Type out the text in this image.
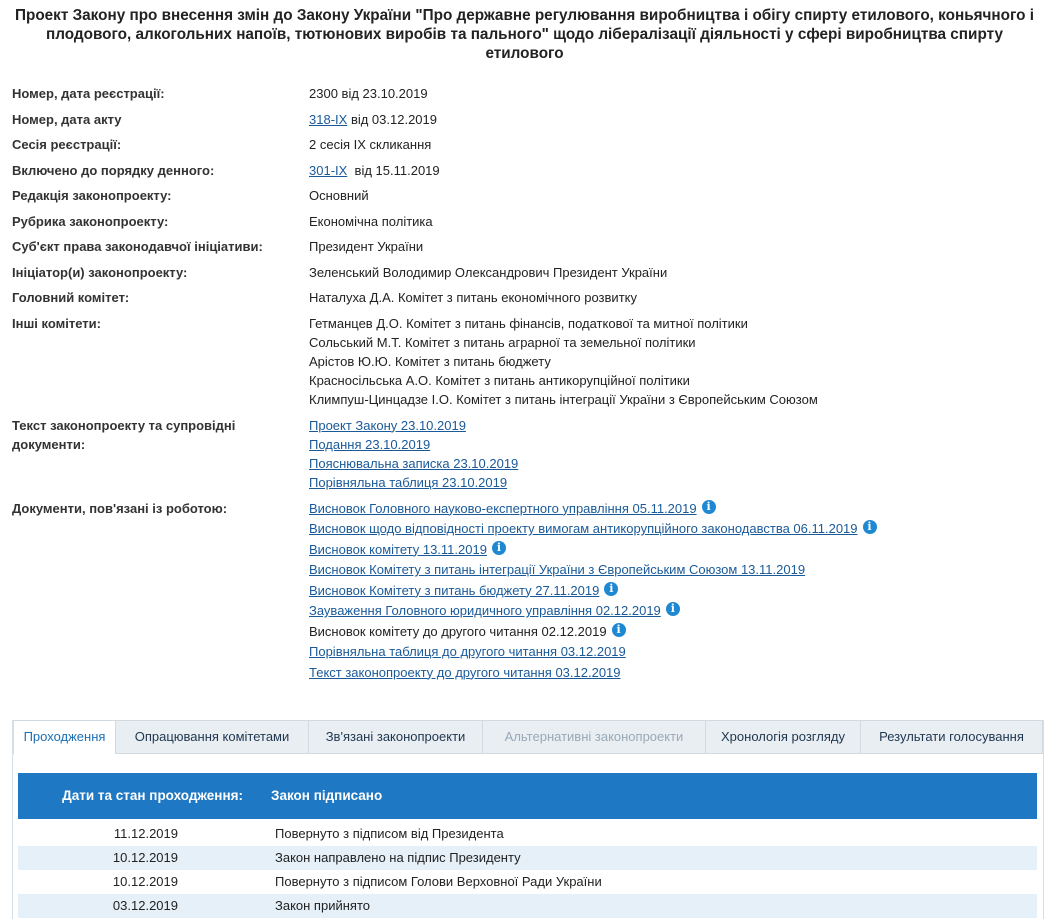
Проект Закону про внесення змін до Закону України "Про державне регулювання виробництва і обігу спирту етилового, коньячного і плодового, алкогольних напоїв, тютюнових виробів та пального" щодо лібералізації діяльності у сфері виробництва спирту етилового
Номер, дата реєстрації:	2300 від 23.10.2019
Номер, дата акту	318-IX від 03.12.2019
Сесія реєстрації:	2 сесія IX скликання
Включено до порядку денного:	301-IX від 15.11.2019
Редакція законопроекту:	Основний
Рубрика законопроекту:	Економічна політика
Суб'єкт права законодавчої ініціативи:	Президент України
Ініціатор(и) законопроекту:	Зеленський Володимир Олександрович Президент України
Головний комітет:	Наталуха Д.А. Комітет з питань економічного розвитку
Інші комітети:	Гетманцев Д.О. Комітет з питань фінансів, податкової та митної політики
Сольський М.Т. Комітет з питань аграрної та земельної політики
Арістов Ю.Ю. Комітет з питань бюджету
Красносільська А.О. Комітет з питань антикорупційної політики
Климпуш-Цинцадзе І.О. Комітет з питань інтеграції України з Європейським Союзом
Текст законопроекту та супровідні документи:
Проект Закону 23.10.2019
Подання 23.10.2019
Пояснювальна записка 23.10.2019
Порівняльна таблиця 23.10.2019
Документи, пов'язані із роботою:	Висновок Головного науково-експертного управління 05.11.2019 i
Висновок щодо відповідності проекту вимогам антикорупційного законодавства 06.11.2019 i
Висновок комітету 13.11.2019 i
Висновок Комітету з питань інтеграції України з Європейським Союзом 13.11.2019
Висновок Комітету з питань бюджету 27.11.2019 i
Зауваження Головного юридичного управління 02.12.2019 i
Висновок комітету до другого читання 02.12.2019 i
Порівняльна таблиця до другого читання 03.12.2019
Текст законопроекту до другого читання 03.12.2019
Проходження	Опрацювання комітетами	Зв'язані законопроекти	Альтернативні законопроекти	Хронологія розгляду	Результати голосування
Дати та стан проходження: Закон підписано
11.12.2019	Повернуто з підписом від Президента
10.12.2019	Закон направлено на підпис Президенту
10.12.2019	Повернуто з підписом Голови Верховної Ради України
03.12.2019	Закон прийнято
